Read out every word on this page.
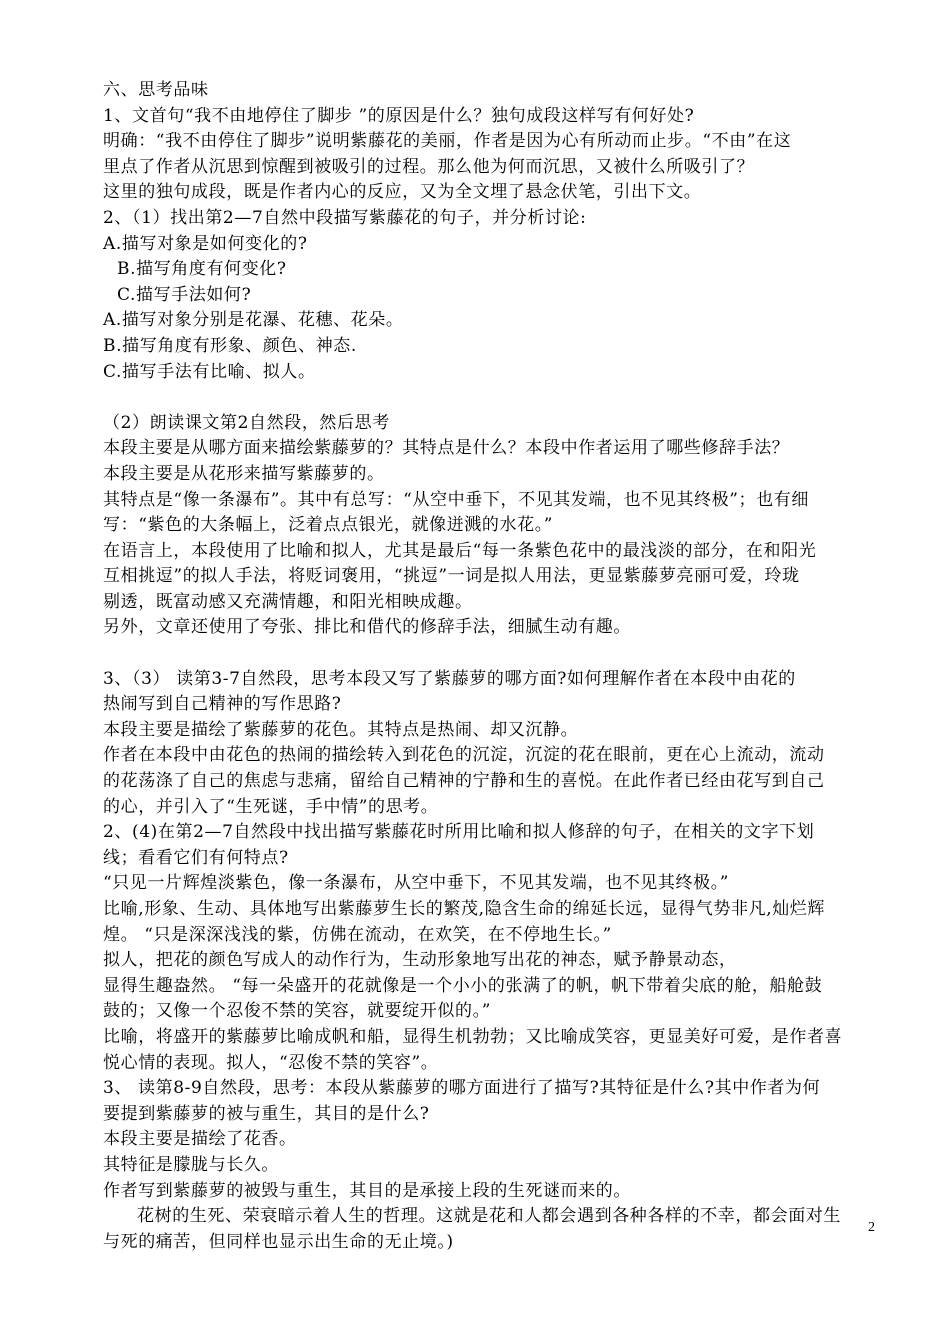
六、思考品味
1、文首句“我不由地停住了脚步 ”的原因是什么？独句成段这样写有何好处?
明确：“我不由停住了脚步”说明紫藤花的美丽，作者是因为心有所动而止步。“不由”在这
里点了作者从沉思到惊醒到被吸引的过程。那么他为何而沉思，又被什么所吸引了？
这里的独句成段，既是作者内心的反应，又为全文埋了悬念伏笔，引出下文。
2、（1）找出第2—7自然中段描写紫藤花的句子，并分析讨论:
A.描写对象是如何变化的?
B.描写角度有何变化?
C.描写手法如何?
A.描写对象分别是花瀑、花穗、花朵。
B.描写角度有形象、颜色、神态.
C.描写手法有比喻、拟人。
（2）朗读课文第2自然段，然后思考
本段主要是从哪方面来描绘紫藤萝的？其特点是什么？本段中作者运用了哪些修辞手法？
本段主要是从花形来描写紫藤萝的。
其特点是“像一条瀑布”。其中有总写：“从空中垂下，不见其发端，也不见其终极”；也有细
写：“紫色的大条幅上，泛着点点银光，就像迸溅的水花。”
在语言上，本段使用了比喻和拟人，尤其是最后“每一条紫色花中的最浅淡的部分，在和阳光
互相挑逗”的拟人手法，将贬词褒用，“挑逗”一词是拟人用法，更显紫藤萝亮丽可爱，玲珑
剔透，既富动感又充满情趣，和阳光相映成趣。
另外，文章还使用了夸张、排比和借代的修辞手法，细腻生动有趣。
3、（3） 读第3-7自然段，思考本段又写了紫藤萝的哪方面?如何理解作者在本段中由花的
热闹写到自己精神的写作思路?
本段主要是描绘了紫藤萝的花色。其特点是热闹、却又沉静。
作者在本段中由花色的热闹的描绘转入到花色的沉淀，沉淀的花在眼前，更在心上流动，流动
的花荡涤了自己的焦虑与悲痛，留给自己精神的宁静和生的喜悦。在此作者已经由花写到自己
的心，并引入了“生死谜，手中情”的思考。
2、(4)在第2—7自然段中找出描写紫藤花时所用比喻和拟人修辞的句子，在相关的文字下划
线；看看它们有何特点?
“只见一片辉煌淡紫色，像一条瀑布，从空中垂下，不见其发端，也不见其终极。”
比喻,形象、生动、具体地写出紫藤萝生长的繁茂,隐含生命的绵延长远，显得气势非凡,灿烂辉
煌。 “只是深深浅浅的紫，仿佛在流动，在欢笑，在不停地生长。”
拟人，把花的颜色写成人的动作行为，生动形象地写出花的神态，赋予静景动态，
显得生趣盎然。 “每一朵盛开的花就像是一个小小的张满了的帆，帆下带着尖底的舱，船舱鼓
鼓的；又像一个忍俊不禁的笑容，就要绽开似的。”
比喻，将盛开的紫藤萝比喻成帆和船，显得生机勃勃；又比喻成笑容，更显美好可爱，是作者喜
悦心情的表现。拟人，“忍俊不禁的笑容”。
3、 读第8-9自然段，思考：本段从紫藤萝的哪方面进行了描写?其特征是什么?其中作者为何
要提到紫藤萝的被与重生，其目的是什么?
本段主要是描绘了花香。
其特征是朦胧与长久。
作者写到紫藤萝的被毁与重生，其目的是承接上段的生死谜而来的。
花树的生死、荣衰暗示着人生的哲理。这就是花和人都会遇到各种各样的不幸，都会面对生
与死的痛苦，但同样也显示出生命的无止境。)
2
